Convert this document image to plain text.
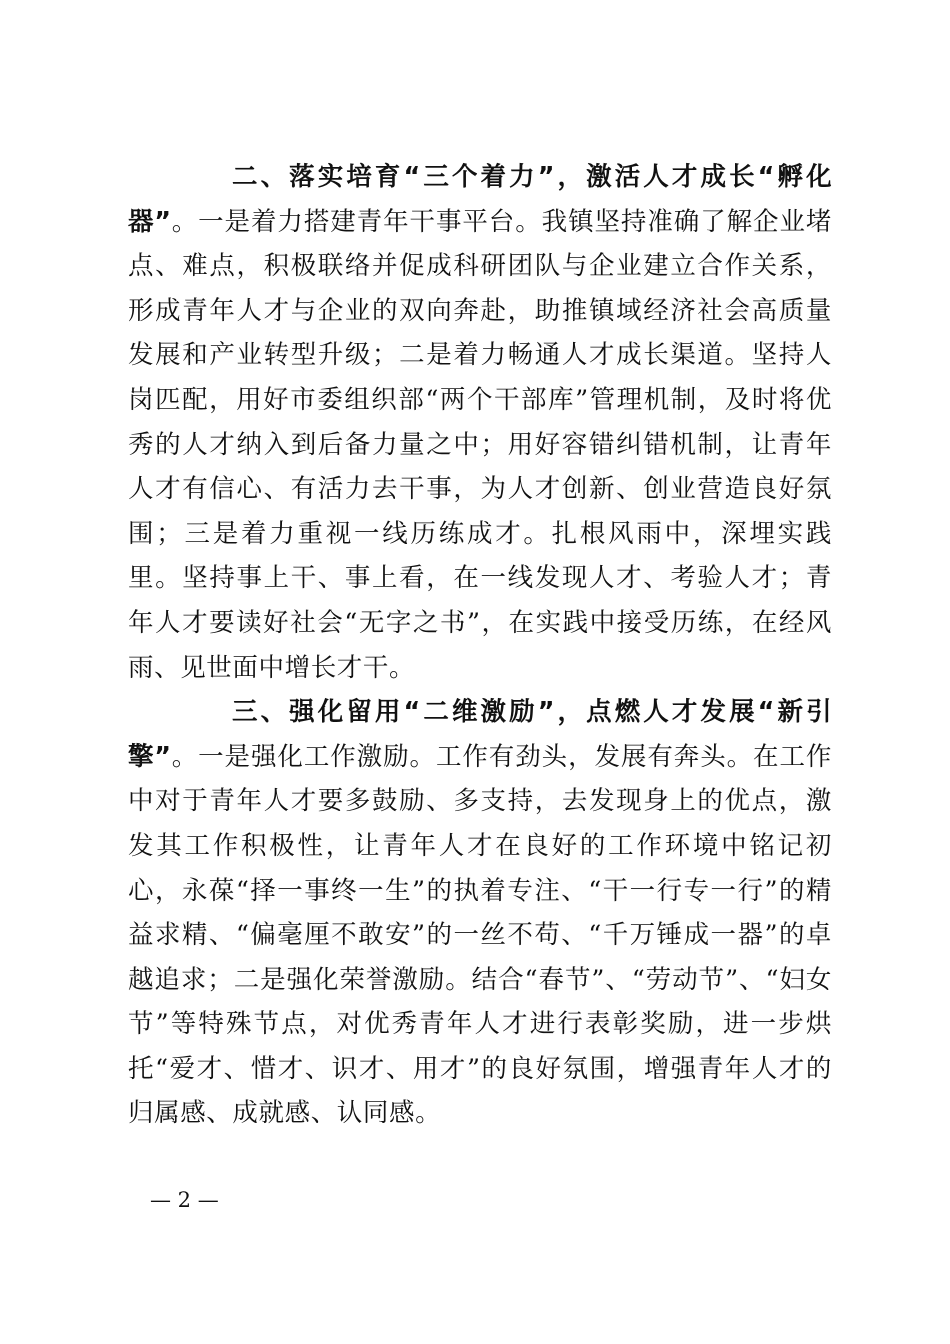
二、落实培育“三个着力”，激活人才成长“孵化器”。一是着力搭建青年干事平台。我镇坚持准确了解企业堵点、难点，积极联络并促成科研团队与企业建立合作关系，形成青年人才与企业的双向奔赴，助推镇域经济社会高质量发展和产业转型升级；二是着力畅通人才成长渠道。坚持人岗匹配，用好市委组织部“两个干部库”管理机制，及时将优秀的人才纳入到后备力量之中；用好容错纠错机制，让青年人才有信心、有活力去干事，为人才创新、创业营造良好氛围；三是着力重视一线历练成才。扎根风雨中，深埋实践里。坚持事上干、事上看，在一线发现人才、考验人才；青年人才要读好社会“无字之书”，在实践中接受历练，在经风雨、见世面中增长才干。

三、强化留用“二维激励”，点燃人才发展“新引擎”。一是强化工作激励。工作有劲头，发展有奔头。在工作中对于青年人才要多鼓励、多支持，去发现身上的优点，激发其工作积极性，让青年人才在良好的工作环境中铭记初心，永葆“择一事终一生”的执着专注、“干一行专一行”的精益求精、“偏毫厘不敢安”的一丝不苟、“千万锤成一器”的卓越追求；二是强化荣誉激励。结合“春节”、“劳动节”、“妇女节”等特殊节点，对优秀青年人才进行表彰奖励，进一步烘托“爱才、惜才、识才、用才”的良好氛围，增强青年人才的归属感、成就感、认同感。

— 2 —
